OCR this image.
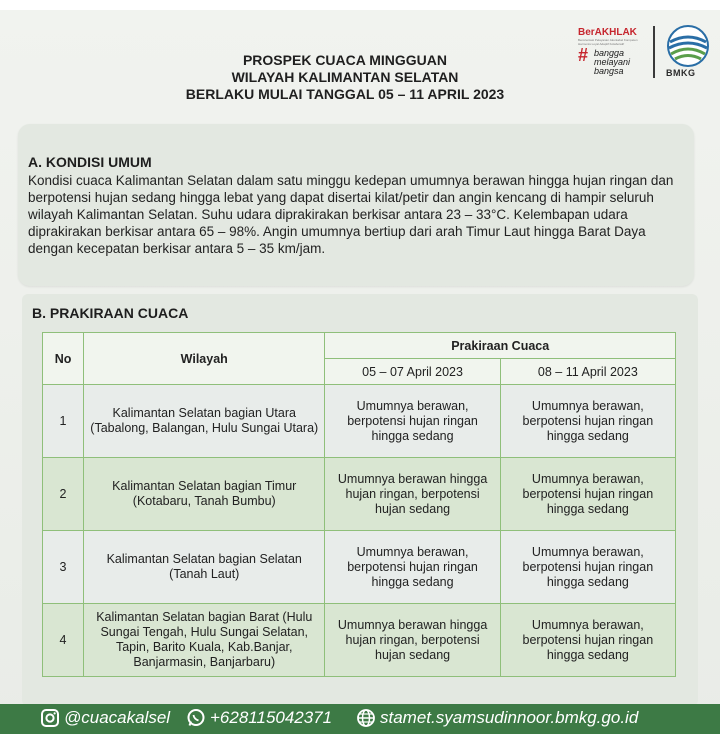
BerAKHLAK
Berorientasi Pelayanan Akuntabel Kompeten Harmonis Loyal Adaptif Kolaboratif
# bangga
melayani
bangsa	BMKG
PROSPEK CUACA MINGGUAN
WILAYAH KALIMANTAN SELATAN
BERLAKU MULAI TANGGAL 05 – 11 APRIL 2023
A. KONDISI UMUM
Kondisi cuaca Kalimantan Selatan dalam satu minggu kedepan umumnya berawan hingga hujan ringan dan berpotensi hujan sedang hingga lebat yang dapat disertai kilat/petir dan angin kencang di hampir seluruh wilayah Kalimantan Selatan. Suhu udara diprakirakan berkisar antara 23 – 33°C. Kelembapan udara diprakirakan berkisar antara 65 – 98%. Angin umumnya bertiup dari arah Timur Laut hingga Barat Daya dengan kecepatan berkisar antara 5 – 35 km/jam.
B. PRAKIRAAN CUACA
No	Wilayah	Prakiraan Cuaca	
		05 – 07 April 2023	08 – 11 April 2023
1	Kalimantan Selatan bagian Utara (Tabalong, Balangan, Hulu Sungai Utara)	Umumnya berawan, berpotensi hujan ringan hingga sedang	Umumnya berawan, berpotensi hujan ringan hingga sedang
2	Kalimantan Selatan bagian Timur (Kotabaru, Tanah Bumbu)	Umumnya berawan hingga hujan ringan, berpotensi hujan sedang	Umumnya berawan, berpotensi hujan ringan hingga sedang
3	Kalimantan Selatan bagian Selatan (Tanah Laut)	Umumnya berawan, berpotensi hujan ringan hingga sedang	Umumnya berawan, berpotensi hujan ringan hingga sedang
4	Kalimantan Selatan bagian Barat (Hulu Sungai Tengah, Hulu Sungai Selatan, Tapin, Barito Kuala, Kab.Banjar, Banjarmasin, Banjarbaru)	Umumnya berawan hingga hujan ringan, berpotensi hujan sedang	Umumnya berawan, berpotensi hujan ringan hingga sedang
@cuacakalsel +628115042371	stamet.syamsudinnoor.bmkg.go.id
